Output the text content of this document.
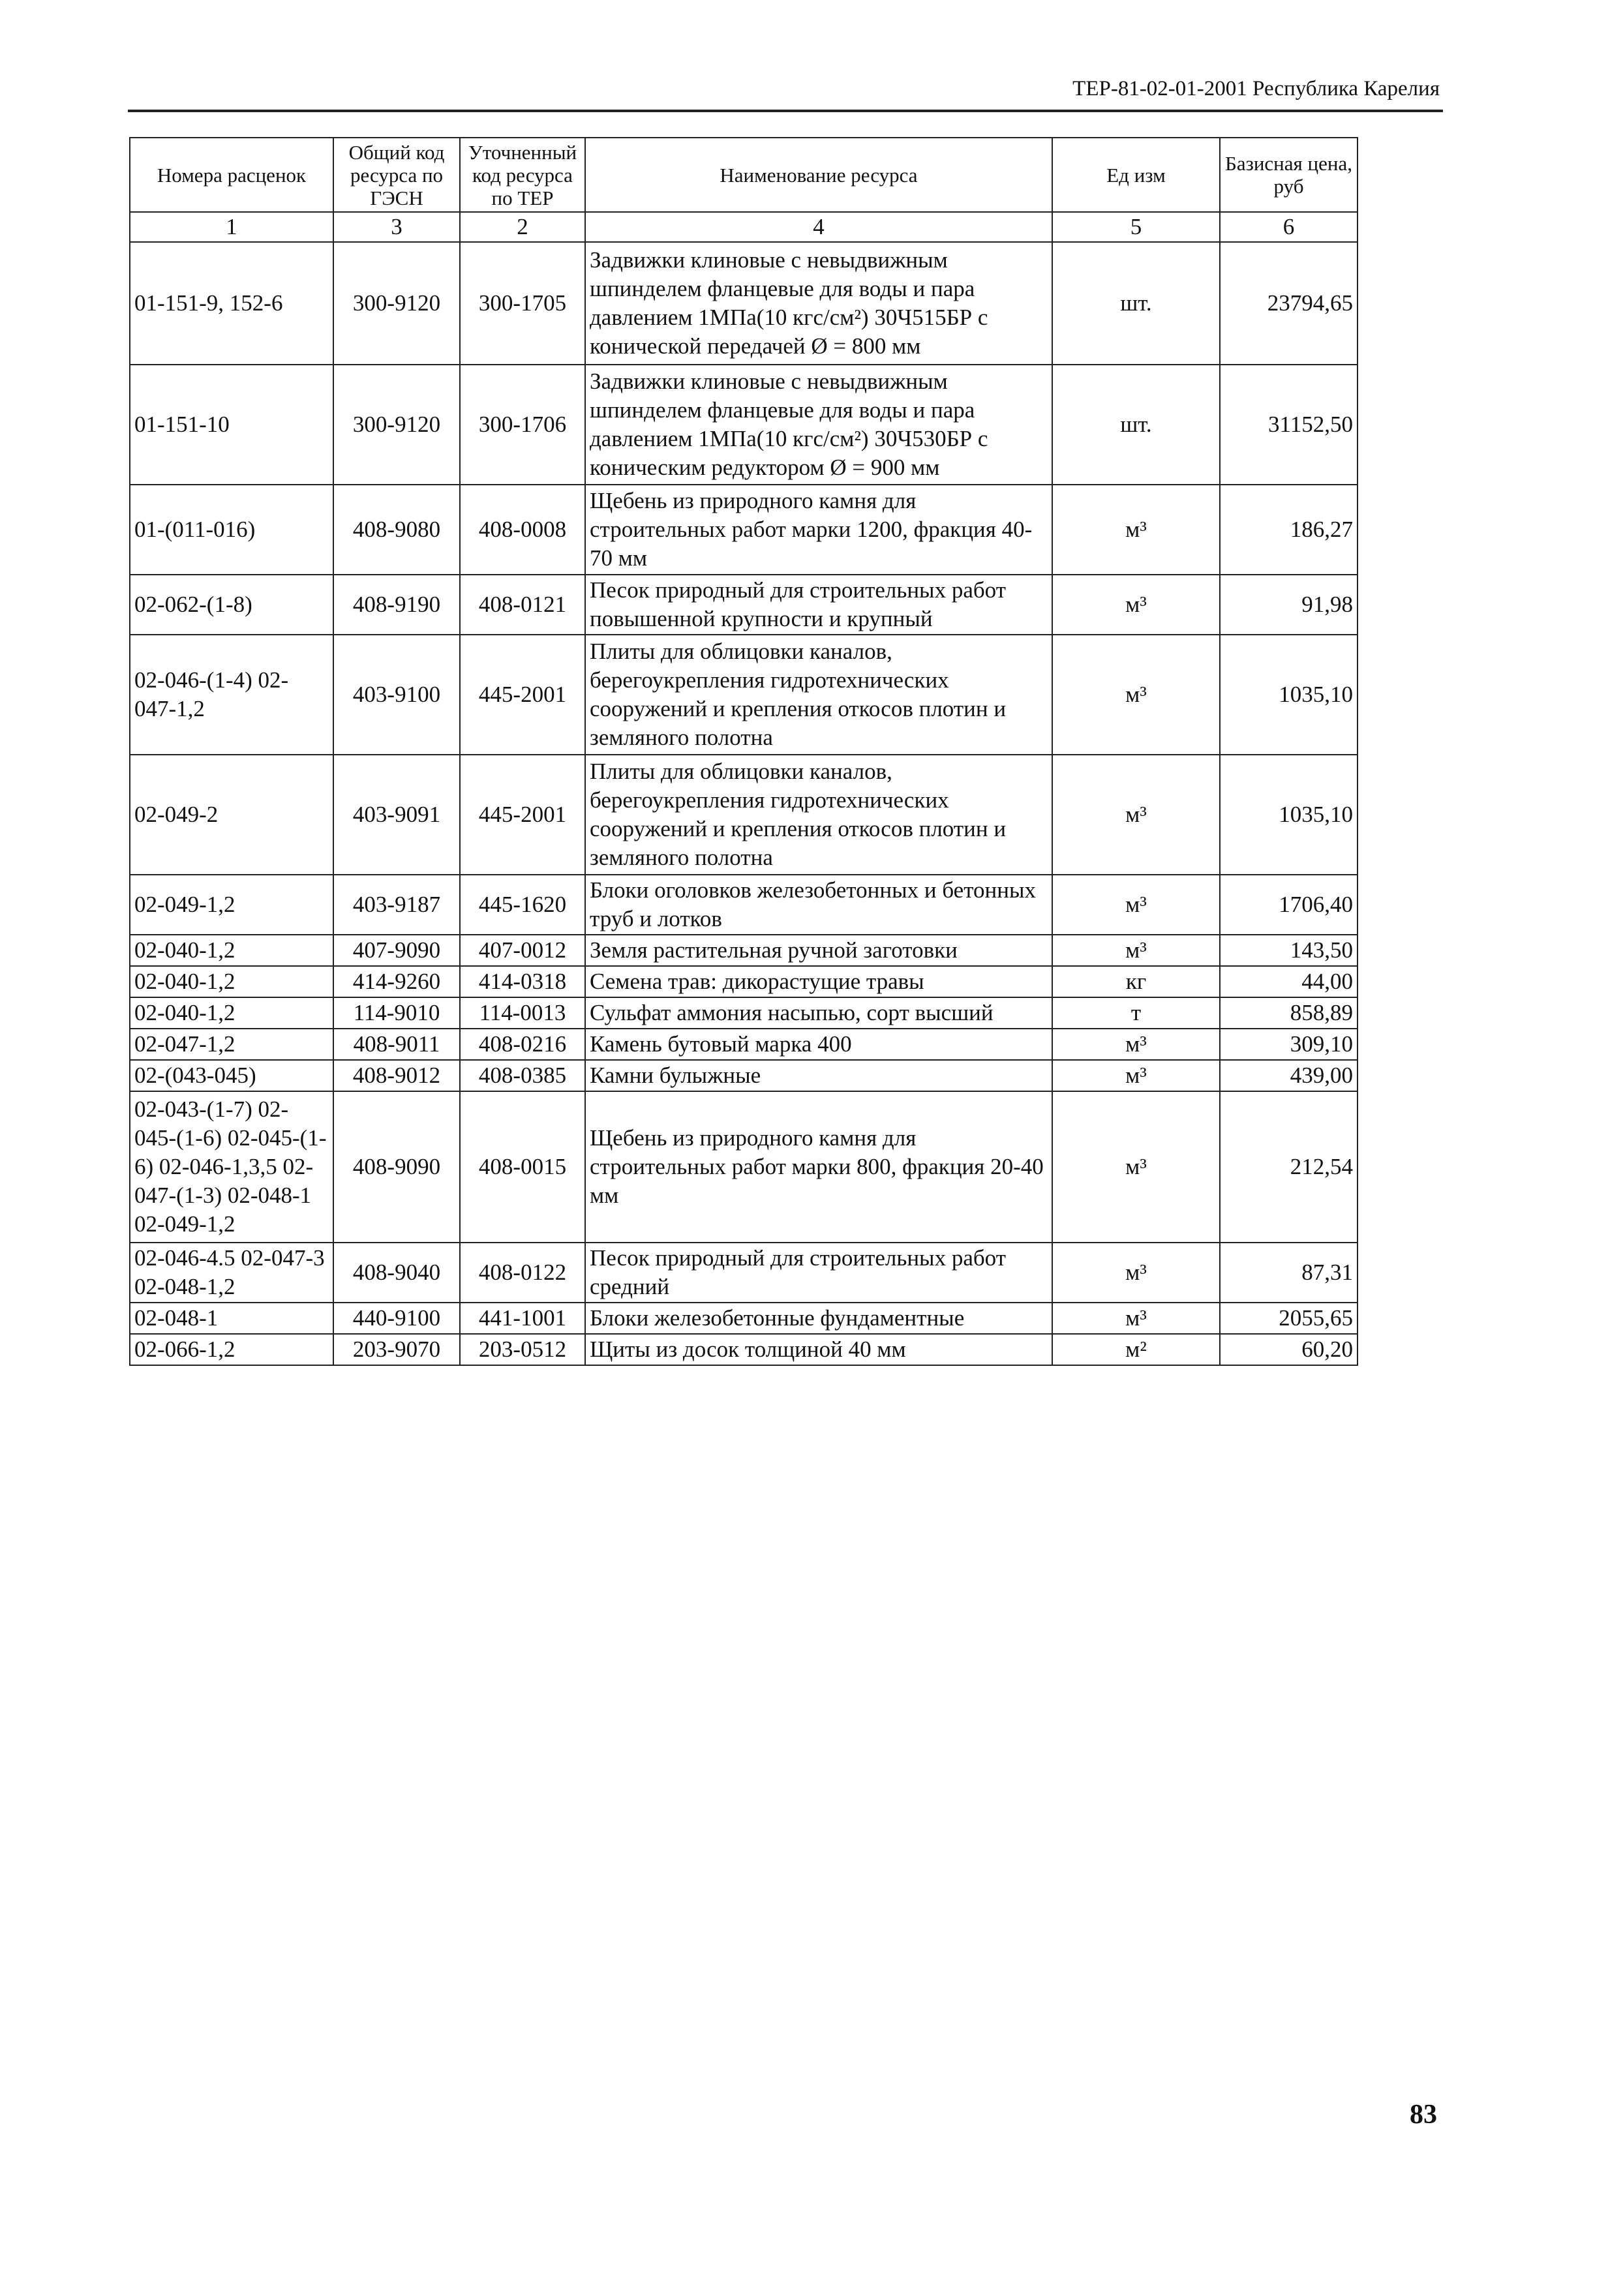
ТЕР-81-02-01-2001 Республика Карелия
Номера расценок	Общий код ресурса по ГЭСН	Уточненный код ресурса по ТЕР	Наименование ресурса	Ед изм	Базисная цена, руб
1	3	2	4	5	6
01-151-9, 152-6	300-9120	300-1705	Задвижки клиновые с невыдвижным шпинделем фланцевые для воды и пара давлением 1МПа(10 кгс/см²) 30Ч515БР с конической передачей Ø = 800 мм	шт.	23794,65
01-151-10	300-9120	300-1706	Задвижки клиновые с невыдвижным шпинделем фланцевые для воды и пара давлением 1МПа(10 кгс/см²) 30Ч530БР с коническим редуктором Ø = 900 мм	шт.	31152,50
01-(011-016)	408-9080	408-0008	Щебень из природного камня для строительных работ марки 1200, фракция 40-70 мм	м³	186,27
02-062-(1-8)	408-9190	408-0121	Песок природный для строительных работ повышенной крупности и крупный	м³	91,98
02-046-(1-4) 02-047-1,2	403-9100	445-2001	Плиты для облицовки каналов, берегоукрепления гидротехнических сооружений и крепления откосов плотин и земляного полотна	м³	1035,10
02-049-2	403-9091	445-2001	Плиты для облицовки каналов, берегоукрепления гидротехнических сооружений и крепления откосов плотин и земляного полотна	м³	1035,10
02-049-1,2	403-9187	445-1620	Блоки оголовков железобетонных и бетонных труб и лотков	м³	1706,40
02-040-1,2	407-9090	407-0012	Земля растительная ручной заготовки	м³	143,50
02-040-1,2	414-9260	414-0318	Семена трав: дикорастущие травы	кг	44,00
02-040-1,2	114-9010	114-0013	Сульфат аммония насыпью, сорт высший	т	858,89
02-047-1,2	408-9011	408-0216	Камень бутовый марка 400	м³	309,10
02-(043-045)	408-9012	408-0385	Камни булыжные	м³	439,00
02-043-(1-7) 02-045-(1-6) 02-045-(1-6) 02-046-1,3,5 02-047-(1-3) 02-048-1 02-049-1,2	408-9090	408-0015	Щебень из природного камня для строительных работ марки 800, фракция 20-40 мм	м³	212,54
02-046-4.5 02-047-3 02-048-1,2	408-9040	408-0122	Песок природный для строительных работ средний	м³	87,31
02-048-1	440-9100	441-1001	Блоки железобетонные фундаментные	м³	2055,65
02-066-1,2	203-9070	203-0512	Щиты из досок толщиной 40 мм	м²	60,20
83
